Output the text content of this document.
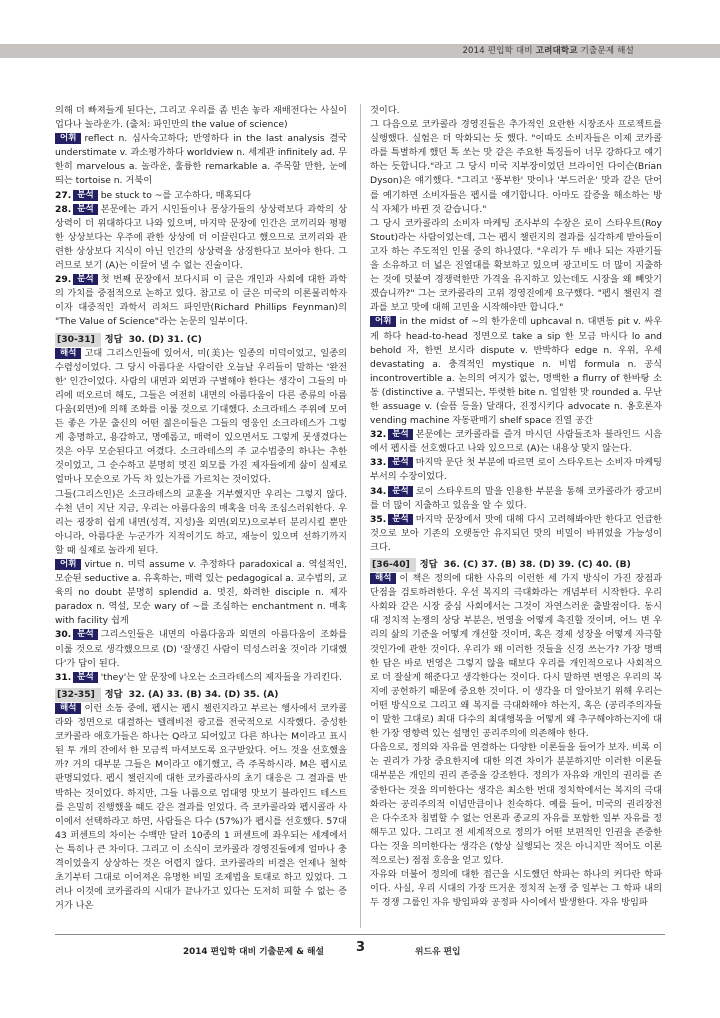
2014 편입학 대비 고려대학교 기출문제 해설

의해 더 빠져들게 된다는, 그리고 우리를 좀 빈손 놓라 재배전다는 사실이 업다나 놀라운가. (출처: 파인만의 the value of science)

어휘 reflect n. 심사숙고하다; 반영하다 in the last analysis 결국 understimate v. 과소평가하다 worldview n. 세계관 infinitely ad. 무한히 marvelous a. 놀라운, 훌륭한 remarkable a. 주목할 만한, 눈에 띄는 tortoise n. 거북이

27. 분석 be stuck to ~를 고수하다, 매혹되다

28. 분석 본문에는 과거 시인들이나 몽상가들의 상상력보다 과학의 상상력이 더 위대하다고 나와 있으며, 마지막 문장에 인간은 코끼리와 평평한 상상보다는 우주에 관한 상상에 더 이끌린다고 했으므로 코끼리와 관련한 상상보다 지식이 아닌 인간의 상상력을 상징한다고 보아야 한다. 그러므로 보기 (A)는 이끌어 낼 수 없는 진술이다.

29. 분석 첫 번째 문장에서 보다시피 이 글은 개인과 사회에 대한 과학의 가치를 중점적으로 논하고 있다. 참고로 이 글은 미국의 이론물리학자이자 대중적인 과학서 리처드 파인만(Richard Phillips Feynman)의 "The Value of Science"라는 논문의 일부이다.

[30-31] 정답 30. (D) 31. (C)

해석 고대 그리스인들에 있어서, 미(美)는 일종의 미덕이었고, 일종의 수렴성이었다. 그 당시 아름다운 사람이란 오늘날 우리들이 말하는 '완전한' 인간이었다. 사람의 내면과 외면과 구별해야 한다는 생각이 그들의 마리에 떠오르더 해도, 그들은 여전히 내면의 아름다움이 다른 종류의 아름다움(외면)에 의해 조화를 이룰 것으로 기대했다. 소크라테스 주위에 모여든 좋은 가문 출신의 어떤 젊은이들은 그들의 영웅인 소크라테스가 그렇게 총명하고, 용감하고, 명예롭고, 매력이 있으면서도 그렇게 못생겼다는 것은 아무 모순된다고 여겼다. 소크라테스의 주 교수법중의 하나는 추한 것이었고, 그 순수하고 분명히 멋진 외모를 가진 제자들에게 삶이 실제로 얼마나 모순으로 가득 차 있는가를 가르치는 것이었다.

그들(그리스인)은 소크라테스의 교훈을 거부했지만 우리는 그렇지 않다. 수천 년이 지난 지금, 우리는 아름다움의 매혹을 더욱 조심스러워한다. 우리는 굉장히 쉽게 내면(성격, 지성)을 외면(외모)으로부터 분리시킬 뿐만 아니라, 아름다운 누군가가 지적이기도 하고, 재능이 있으며 선하기까지 할 때 실제로 놀라게 된다.

어휘 virtue n. 미덕 assume v. 추정하다 paradoxical a. 역설적인, 모순된 seductive a. 유혹하는, 매력 있는 pedagogical a. 교수법의, 교육의 no doubt 분명히 splendid a. 멋진, 화려한 disciple n. 제자 paradox n. 역설, 모순 wary of ~를 조심하는 enchantment n. 매혹 with facility 쉽게

30. 분석 그리스인들은 내면의 아름다움과 외면의 아름다움이 조화를 이룰 것으로 생각했으므로 (D) '잘생긴 사람이 덕성스러울 것이라 기대했다'가 답이 된다.

31. 분석 'they'는 앞 문장에 나오는 소크라테스의 제자들을 가리킨다.

[32-35] 정답 32. (A) 33. (B) 34. (D) 35. (A)

해석 이런 소동 중에, 펩시는 펩시 챌린지라고 부르는 행사에서 코카콜라와 정면으로 대결하는 텔레비전 광고를 전국적으로 시작했다. 중성한 코카콜라 애호가들은 하나는 Q라고 되어있고 다른 하나는 M이라고 표시된 투 개의 잔에서 한 모금씩 마셔보도록 요구받았다. 어느 것을 선호했을까? 거의 대부분 그들은 M이라고 얘기했고, 즉 주목하시라. M은 펩시로 판명되었다. 펩시 챌린지에 대한 코카콜라사의 초기 대응은 그 결과를 반박하는 것이었다. 하지만, 그들 나름으로 엄대영 맛보기 블라인드 테스트를 은밀히 진행했을 때도 같은 결과를 얻었다. 즉 코카콜라와 펩시콜라 사이에서 선택하라고 하면, 사람들은 다수 (57%)가 펩시를 선호했다. 57대 43 퍼센트의 차이는 수백만 달러 10종의 1 퍼센트에 좌우되는 세계에서는 특히나 큰 차이다. 그리고 이 소식이 코카콜라 경영진들에게 얼마나 충격이었을지 상상하는 것은 어렵지 않다. 코카콜라의 비결은 언제나 철학 초기부터 그대로 이어져온 유명한 비밀 조제법을 토대로 하고 있었다. 그러나 이것에 코카콜라의 시대가 끝나가고 있다는 도저히 피할 수 없는 증거가 나온

것이다.

그 다음으로 코카콜라 경영진들은 추가적인 요란한 시장조사 프로젝트를 실행했다. 실험은 더 악화되는 듯 했다. "이따도 소비자들은 이제 코카콜라를 특별하게 했던 톡 쏘는 맛 같은 주요한 특징들이 너무 강하다고 얘기하는 듯합니다."라고 그 당시 미국 지부장이었던 브라이언 다이슨(Brian Dyson)은 얘기했다. "그리고 '풍부한' 맛이나 '부드러운' 맛과 같은 단어를 예기하면 소비자들은 펩시를 얘기합니다. 아마도 갈증을 해소하는 방식 자체가 바뀐 것 같습니다."

그 당시 코카콜라의 소비자 마케팅 조사부의 수장은 로이 스타우트(Roy Stout)라는 사람이었는데, 그는 펩시 챌린지의 결과를 심각하게 받아들이고자 하는 주도적인 인물 중의 하나였다. "우리가 두 배나 되는 자판기들을 소유하고 더 넓은 진열대를 확보하고 있으며 광고비도 더 많이 지출하는 것에 덧붙여 경쟁력한만 가격을 유지하고 있는데도 시장을 왜 빼앗기겠습니까?" 그는 코카콜라의 고위 경영진에게 요구했다. "펩시 챌린지 결과를 보고 맛에 대해 고민을 시작해야만 합니다."

어휘 in the midst of ~의 한가운데 uphcaval n. 대변동 pit v. 싸우게 하다 head-to-head 정면으로 take a sip 한 모금 마시다 lo and behold 자, 한번 보시라 dispute v. 반박하다 edge n. 우위, 우세 devastating a. 충격적인 mystique n. 비법 formula n. 공식 incontrovertible a. 논의의 여지가 없는, 명백한 a flurry of 한바탕 소동 (distinctive a. 구별되는, 뚜렷한 bite n. 얼얼한 맛 rounded a. 무난한 assuage v. (슬픔 등을) 달래다, 진정시키다 advocate n. 옹호론자 vending machine 자동판매기 shelf space 진열 공간

32. 분석 본문에는 코카콜라를 즐겨 마시던 사람들조차 블라인드 시음에서 펩시를 선호했다고 나와 있으므로 (A)는 내용상 맞지 않는다.

33. 분석 마지막 문단 첫 부분에 따르면 로이 스타우트는 소비자 마케팅부서의 수장이었다.

34. 분석 로이 스타우트의 말을 인용한 부분을 통해 코카콜라가 광고비를 더 많이 지출하고 있음을 알 수 있다.

35. 분석 마지막 문장에서 맛에 대해 다시 고려해봐야만 한다고 언급한 것으로 보아 기존의 오랫동안 유지되던 맛의 비밀이 바뀌었을 가능성이 크다.

[36-40] 정답 36. (C) 37. (B) 38. (D) 39. (C) 40. (B)

해석 이 책은 정의에 대한 사유의 이런한 세 가지 방식이 가진 장점과 단점을 검토하려한다. 우선 복지의 극대화라는 개념부터 시작한다. 우리 사회와 같은 시장 중심 사회에서는 그것이 자연스러운 출발점이다. 동시대 정치적 논쟁의 상당 부분은, 번영을 어떻게 촉진할 것이며, 어느 변 우리의 삶의 기준을 어떻게 개선할 것이며, 혹은 경제 성장을 어떻게 자극할 것인가에 관한 것이다. 우리가 왜 이러한 것들을 신경 쓰는가? 가장 명백한 답은 바로 번영은 그렇지 않을 때보다 우리를 개인적으로나 사회적으로 더 잘살게 해준다고 생각한다는 것이다. 다시 말하면 번영은 우리의 복지에 공헌하기 때문에 중요한 것이다. 이 생각을 더 알아보기 위해 우리는 어떤 방식으로 그리고 왜 복지를 극대화해야 하는지, 혹은 (공리주의자들이 말한 그대로) 최대 다수의 최대행복을 어떻게 왜 추구해야하는지에 대한 가장 영향력 있는 설명인 공리주의에 의존해야 한다.

다음으로, 정의와 자유를 연결하는 다양한 이론들을 들어가 보자. 비록 이논 권리가 가장 중요한지에 대한 의견 차이가 분분하지만 이러한 이론들 대부분은 개인의 권리 존중을 강조한다. 정의가 자유와 개인의 권리를 존중한다는 것을 의미한다는 생각은 최소한 번대 정치학에서는 복지의 극대화라는 공리주의적 이념만큼이나 친숙하다. 예를 들어, 미국의 권리장전은 다수조차 침범할 수 없는 언론과 종교의 자유를 포함한 일부 자유를 정해두고 있다. 그리고 전 세계적으로 정의가 어떤 보편적인 인권을 존중한다는 것을 의미한다는 생각은 (항상 실행되는 것은 아니지만 적어도 이론적으로는) 점점 호응을 얻고 있다.

자유와 더불어 정의에 대한 접근을 시도했던 학파는 하나의 커다란 학파이다. 사실, 우리 시대의 가장 뜨거운 정치적 논쟁 중 일부는 그 학파 내의 두 경쟁 그룹인 자유 방임파와 공정파 사이에서 발생한다. 자유 방임파

2014 편입학 대비 기출문제 & 해설 3	위드유 편입
